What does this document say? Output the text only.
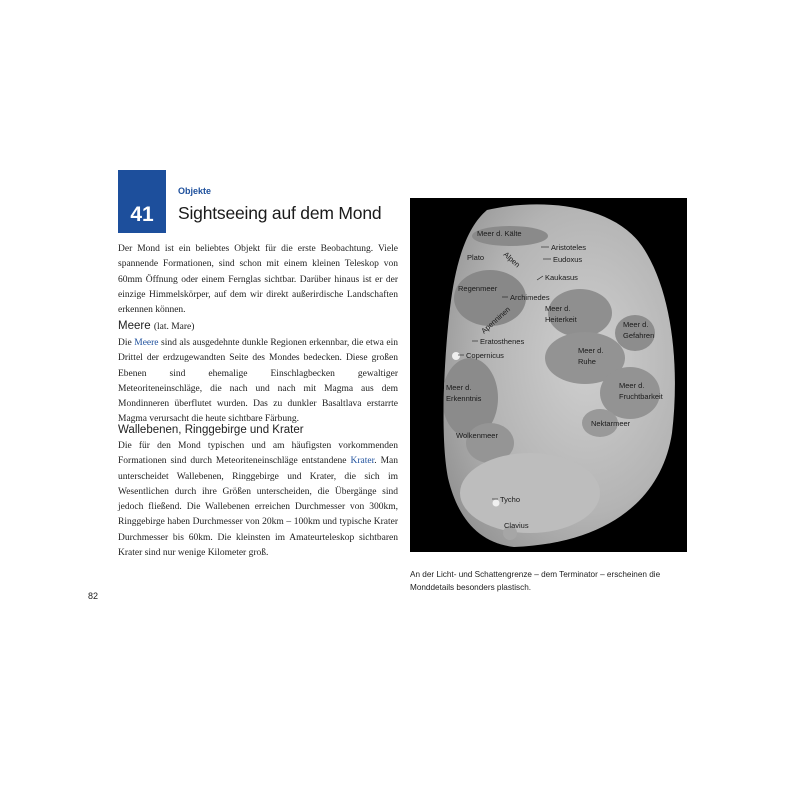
41
Objekte
Sightseeing auf dem Mond

Der Mond ist ein beliebtes Objekt für die erste Beobachtung. Viele spannende Formationen, sind schon mit einem kleinen Teleskop von 60mm Öffnung oder einem Fernglas sichtbar. Darüber hinaus ist er der einzige Himmelskörper, auf dem wir direkt außerirdische Landschaften erkennen können.

Meere (lat. Mare)

Die Meere sind als ausgedehnte dunkle Regionen erkennbar, die etwa ein Drittel der erdzugewandten Seite des Mondes bedecken. Diese großen Ebenen sind ehemalige Einschlagbecken gewaltiger Meteoriteneinschläge, die nach und nach mit Magma aus dem Mondinneren überflutet wurden. Das zu dunkler Basaltlava erstarrte Magma verursacht die heute sichtbare Färbung.

Wallebenen, Ringgebirge und Krater

Die für den Mond typischen und am häufigsten vorkommenden Formationen sind durch Meteoriteneinschläge entstandene Krater. Man unterscheidet Wallebenen, Ringgebirge und Krater, die sich im Wesentlichen durch ihre Größen unterscheiden, die Übergänge sind jedoch fließend. Die Wallebenen erreichen Durchmesser von 300km, Ringgebirge haben Durchmesser von 20km – 100km und typische Krater Durchmesser bis 60km. Die kleinsten im Amateurteleskop sichtbaren Krater sind nur wenige Kilometer groß.

Meer d. Kälte
Plato Alpen
Aristoteles
Eudoxus
Kaukasus
Regenmeer
Archimedes
Meer d.
Heiterkeit
Apenninen	Meer d.
Gefahren
Eratosthenes
Copernicus
Meer d.
Ruhe
Meer d.
Erkenntnis
Meer d.
Fruchtbarkeit
Nektarmeer
Wolkenmeer
Tycho
Clavius
An der Licht- und Schattengrenze – dem Terminator – erscheinen die Monddetails besonders plastisch.
82
